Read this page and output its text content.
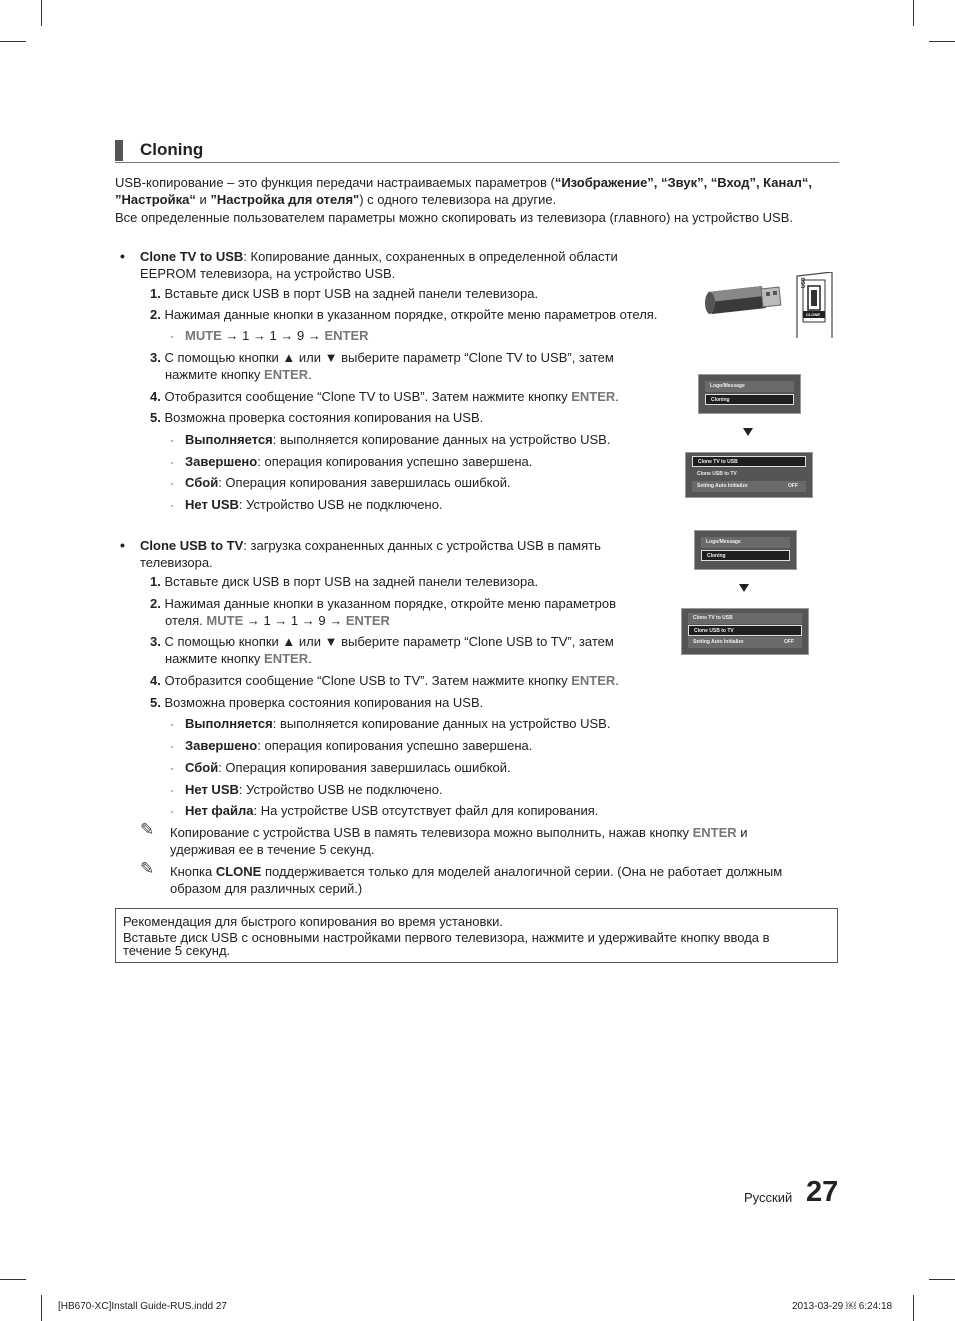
Cloning
USB-копирование – это функция передачи настраиваемых параметров (“Изображение”, “Звук”, “Вход”, Канал“,
”Настройка“ и ”Настройка для отеля") с одного телевизора на другие.
Все определенные пользователем параметры можно скопировать из телевизора (главного) на устройство USB.
• Clone TV to USB: Копирование данных, сохраненных в определенной области
EEPROM телевизора, на устройство USB.
1. Вставьте диск USB в порт USB на задней панели телевизора.
2. Нажимая данные кнопки в указанном порядке, откройте меню параметров отеля.
· MUTE → 1 → 1 → 9 → ENTER
3. С помощью кнопки ▲ или ▼ выберите параметр “Clone TV to USB”, затем
нажмите кнопку ENTER.
4. Отобразится сообщение “Clone TV to USB”. Затем нажмите кнопку ENTER.
5. Возможна проверка состояния копирования на USB.
· Выполняется: выполняется копирование данных на устройство USB.
· Завершено: операция копирования успешно завершена.
· Сбой: Операция копирования завершилась ошибкой.
· Нет USB: Устройство USB не подключено.
• Clone USB to TV: загрузка сохраненных данных с устройства USB в память
телевизора.
1. Вставьте диск USB в порт USB на задней панели телевизора.
2. Нажимая данные кнопки в указанном порядке, откройте меню параметров
отеля. MUTE → 1 → 1 → 9 → ENTER
3. С помощью кнопки ▲ или ▼ выберите параметр “Clone USB to TV”, затем
нажмите кнопку ENTER.
4. Отобразится сообщение “Clone USB to TV”. Затем нажмите кнопку ENTER.
5. Возможна проверка состояния копирования на USB.
· Выполняется: выполняется копирование данных на устройство USB.
· Завершено: операция копирования успешно завершена.
· Сбой: Операция копирования завершилась ошибкой.
· Нет USB: Устройство USB не подключено.
· Нет файла: На устройстве USB отсутствует файл для копирования.
✎ Копирование с устройства USB в память телевизора можно выполнить, нажав кнопку ENTER и
удерживая ее в течение 5 секунд.
✎ Кнопка CLONE поддерживается только для моделей аналогичной серии. (Она не работает должным
образом для различных серий.)
Рекомендация для быстрого копирования во время установки.
Вставьте диск USB с основными настройками первого телевизора, нажмите и удерживайте кнопку ввода в
течение 5 секунд.
USB
CLONE
Logo/Message
Cloning
Clone TV to USB
Clone USB to TV
Setting Auto Initialize	OFF
Logo/Message
Cloning
Clone TV to USB
Clone USB to TV
Setting Auto Initialize	OFF
Русский 27
[HB670-XC]Install Guide-RUS.indd 27	2013-03-29 ￼ 6:24:18
